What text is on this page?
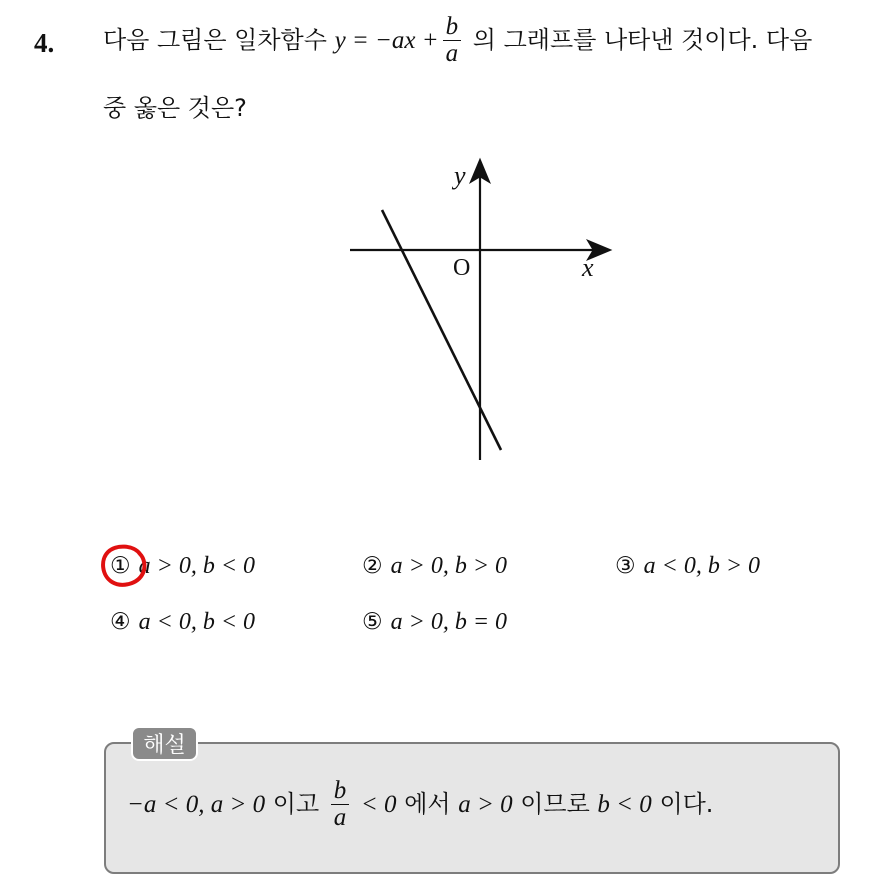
4. 다음 그림은 일차함수 $y = -ax + \frac{b}{a}$ 의 그래프를 나타낸 것이다. 다음
중 옳은 것은?
y
x
O
① a > 0, b < 0	② a > 0, b > 0	③ a < 0, b > 0
④ a < 0, b < 0	⑤ a > 0, b = 0
해설
−a < 0, a > 0 이고 $\frac{b}{a} < 0$ 에서 a > 0 이므로 b < 0 이다.
